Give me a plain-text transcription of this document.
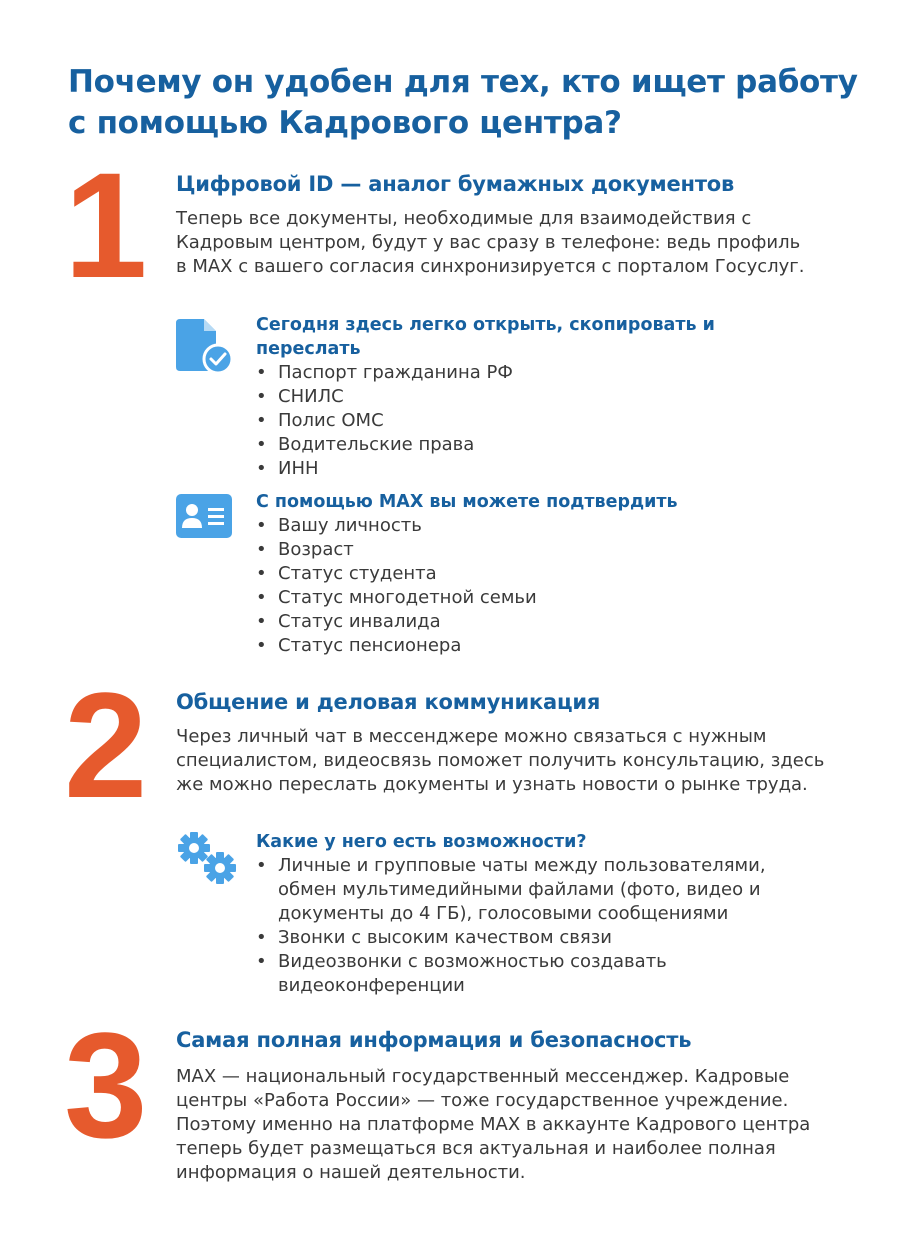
Почему он удобен для тех, кто ищет работу с помощью Кадрового центра?
1 Цифровой ID — аналог бумажных документов
Теперь все документы, необходимые для взаимодействия с Кадровым центром, будут у вас сразу в телефоне: ведь профиль в MAX с вашего согласия синхронизируется с порталом Госуслуг.
Сегодня здесь легко открыть, скопировать и переслать
• Паспорт гражданина РФ
• СНИЛС
• Полис ОМС
• Водительские права
• ИНН
С помощью MAX вы можете подтвердить
• Вашу личность
• Возраст
• Статус студента
• Статус многодетной семьи
• Статус инвалида
• Статус пенсионера
2 Общение и деловая коммуникация
Через личный чат в мессенджере можно связаться с нужным специалистом, видеосвязь поможет получить консультацию, здесь же можно переслать документы и узнать новости о рынке труда.
Какие у него есть возможности?
• Личные и групповые чаты между пользователями, обмен мультимедийными файлами (фото, видео и документы до 4 ГБ), голосовыми сообщениями
• Звонки с высоким качеством связи
• Видеозвонки с возможностью создавать видеоконференции
3 Самая полная информация и безопасность
MAX — национальный государственный мессенджер. Кадровые центры «Работа России» — тоже государственное учреждение. Поэтому именно на платформе MAX в аккаунте Кадрового центра теперь будет размещаться вся актуальная и наиболее полная информация о нашей деятельности.
